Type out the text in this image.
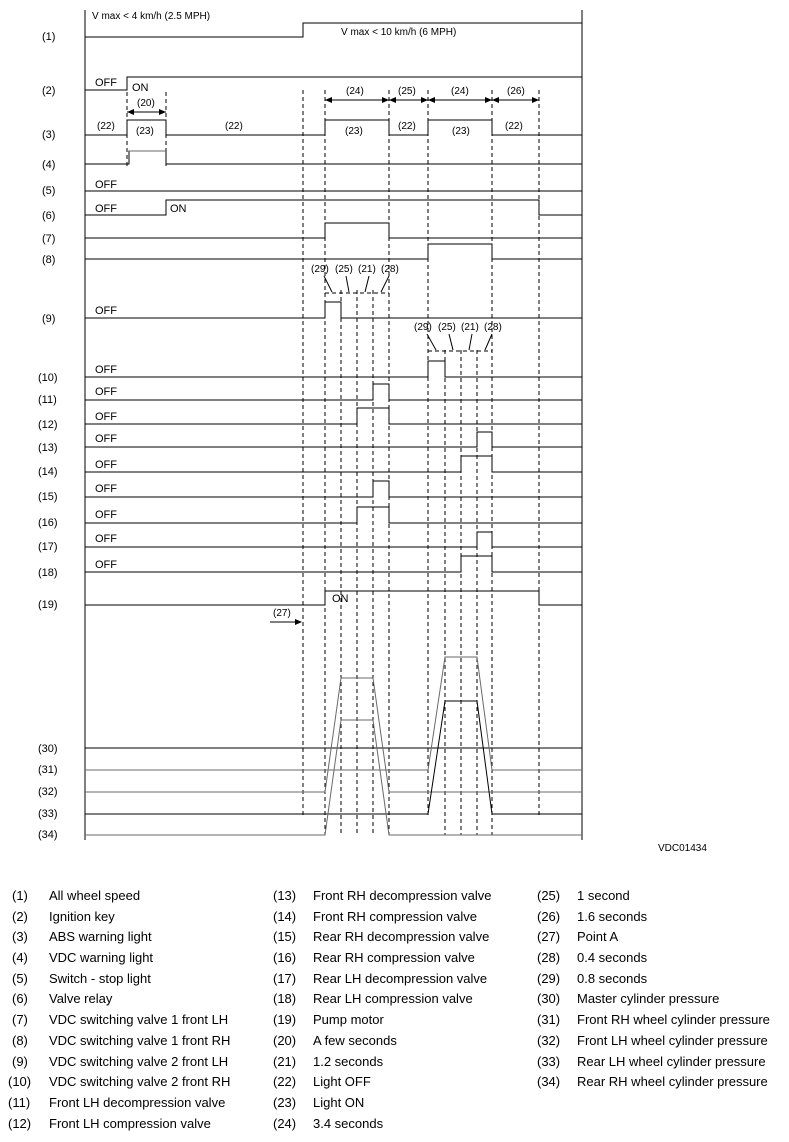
(1)
(2)
(3)
(4)
(5)
(6)
(7)
(8)
(9)
(10)
(11)
(12)
(13)
(14)
(15)
(16)
(17)
(18)
(19)
(30)
(31)
(32)
(33)
(34)
OFF ON
OFF
OFF	ON
OFF
OFF
OFF
OFF
OFF
OFF
OFF
OFF
OFF
OFF
ON
V max < 4 km/h (2.5 MPH)
V max < 10 km/h (6 MPH)
(20)
(22) (23)	(22)	(23)	(22)	(23)	(22)
(24)	(25)	(24)	(26)
(29) (25) (21) (28)
(29) (25) (21) (28)
(27)
VDC01434
(1) All wheel speed
(2) Ignition key
(3) ABS warning light
(4) VDC warning light
(5) Switch - stop light
(6) Valve relay
(7) VDC switching valve 1 front LH
(8) VDC switching valve 1 front RH
(9) VDC switching valve 2 front LH
(10) VDC switching valve 2 front RH
(11) Front LH decompression valve
(12) Front LH compression valve
(13) Front RH decompression valve
(14) Front RH compression valve
(15) Rear RH decompression valve
(16) Rear RH compression valve
(17) Rear LH decompression valve
(18) Rear LH compression valve
(19) Pump motor
(20) A few seconds
(21) 1.2 seconds
(22) Light OFF
(23) Light ON
(24) 3.4 seconds
(25) 1 second
(26) 1.6 seconds
(27) Point A
(28) 0.4 seconds
(29) 0.8 seconds
(30) Master cylinder pressure
(31) Front RH wheel cylinder pressure
(32) Front LH wheel cylinder pressure
(33) Rear LH wheel cylinder pressure
(34) Rear RH wheel cylinder pressure
